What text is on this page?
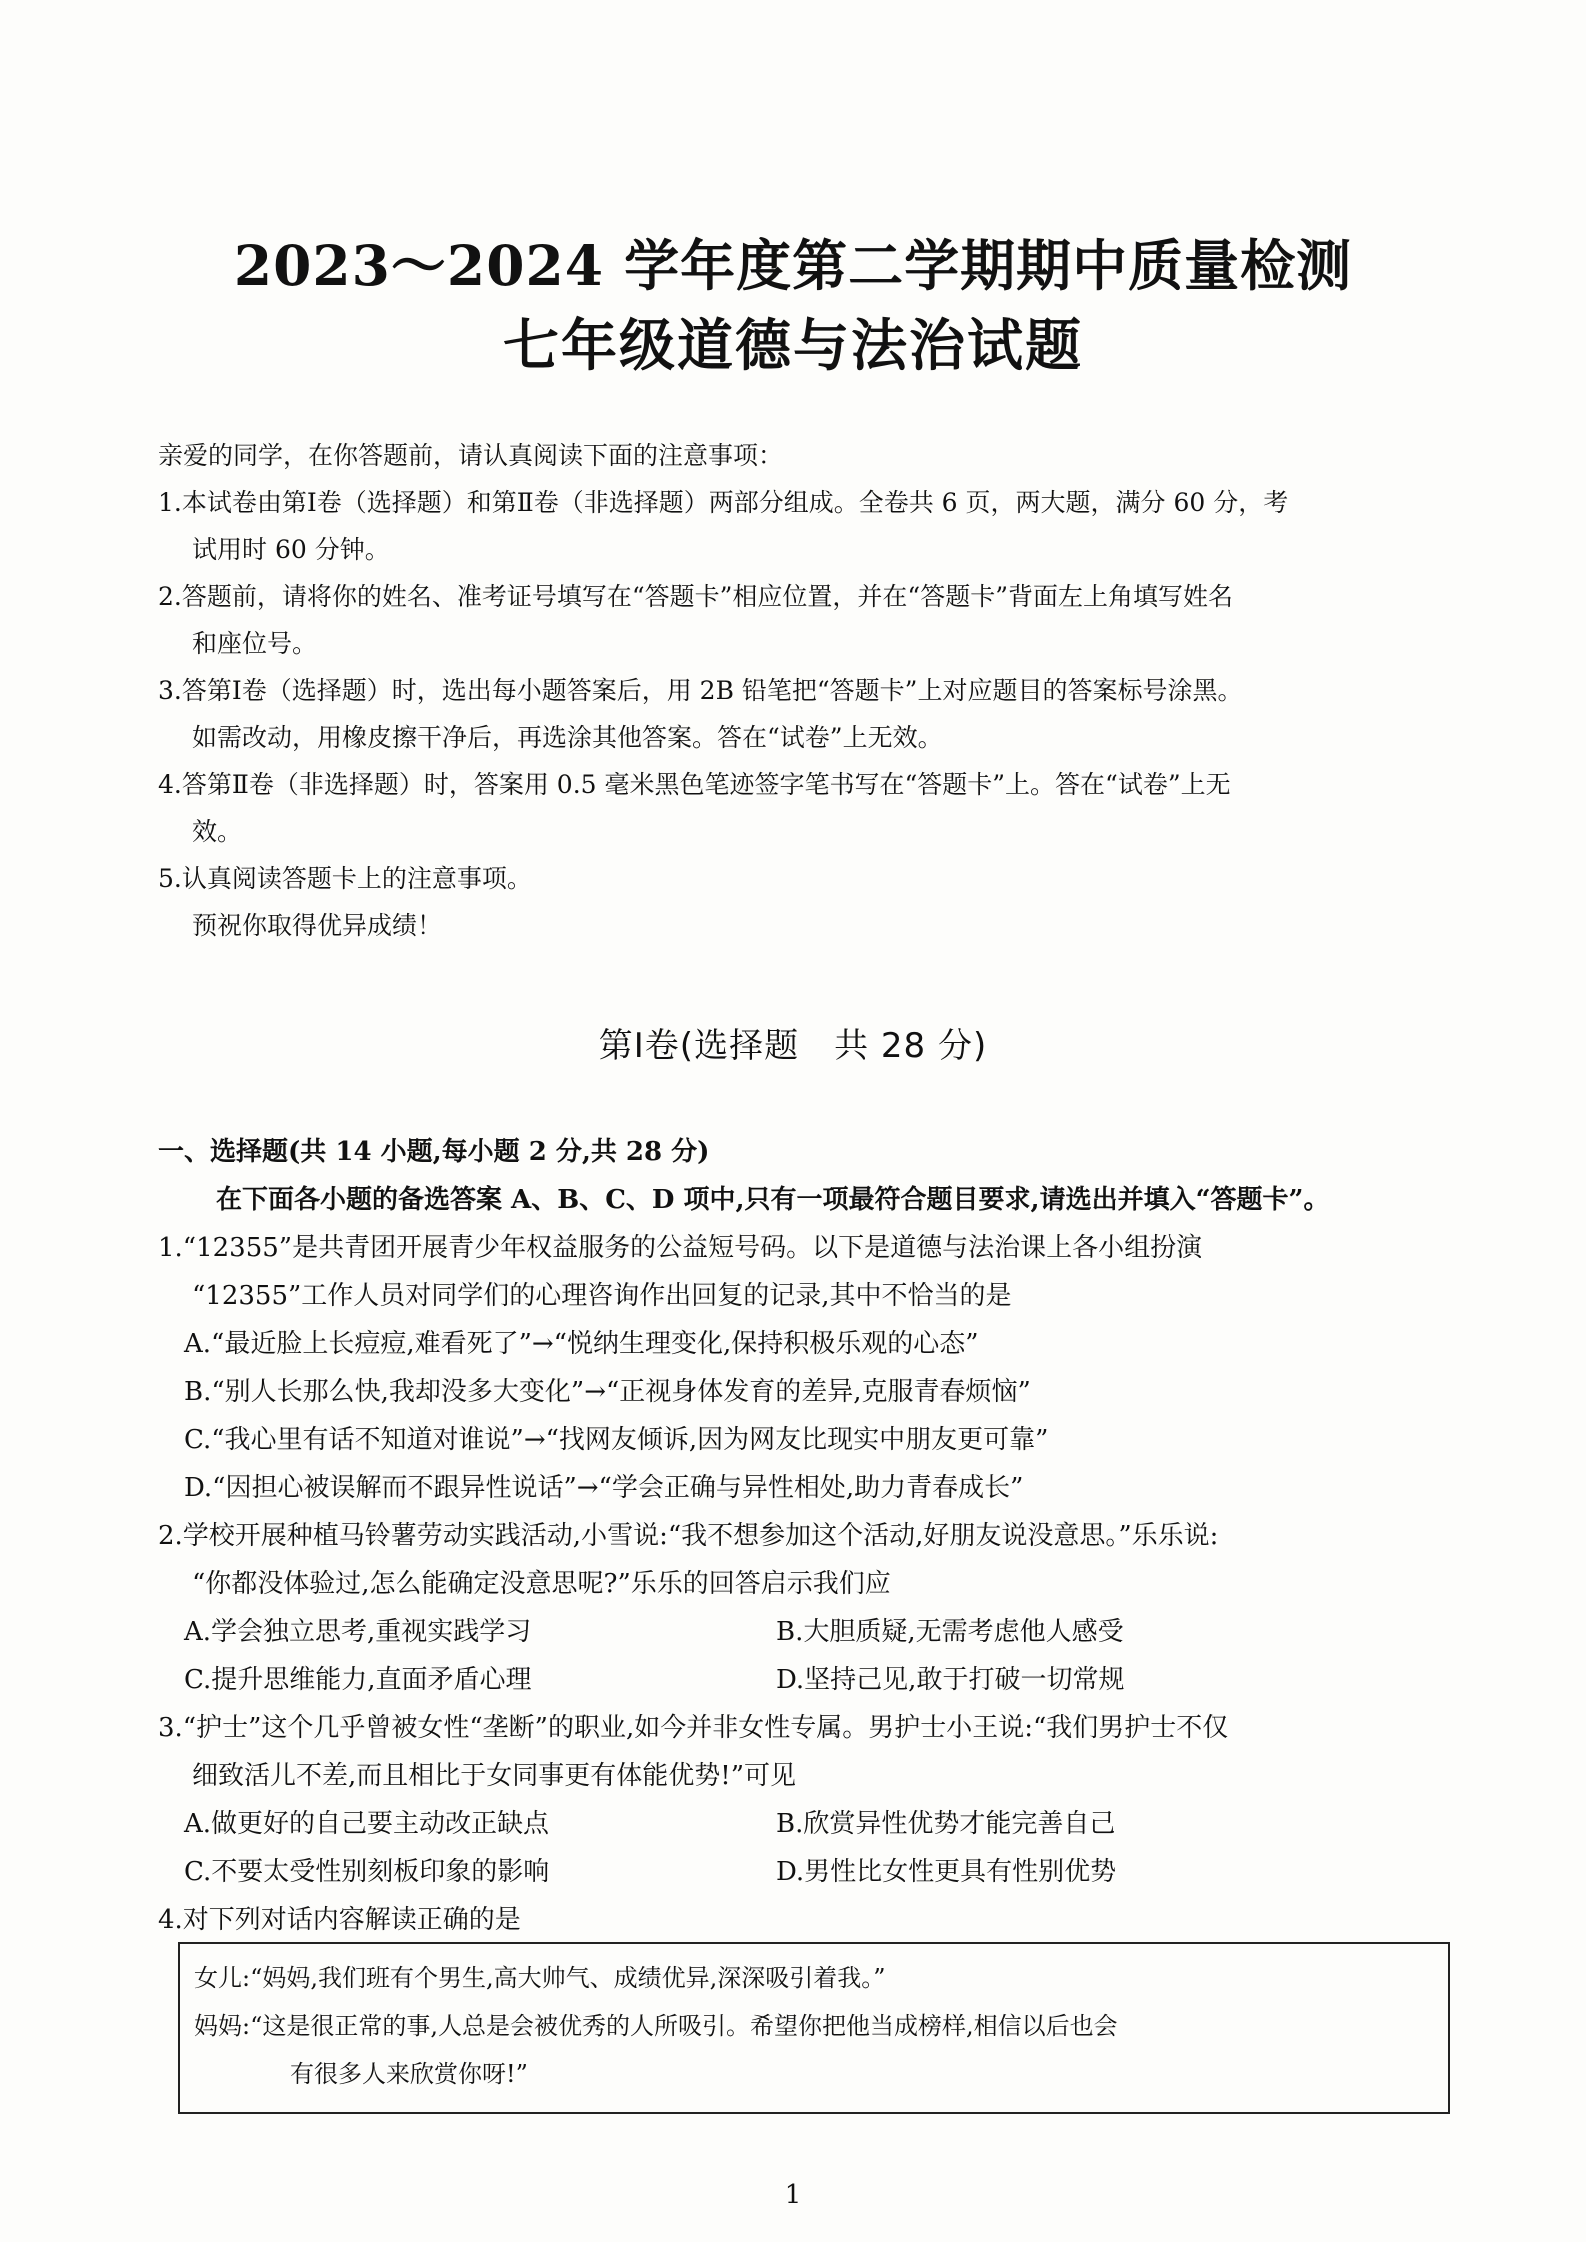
2023～2024 学年度第二学期期中质量检测
七年级道德与法治试题
亲爱的同学，在你答题前，请认真阅读下面的注意事项：
1.本试卷由第Ⅰ卷（选择题）和第Ⅱ卷（非选择题）两部分组成。全卷共 6 页，两大题，满分 60 分，考
试用时 60 分钟。
2.答题前，请将你的姓名、准考证号填写在“答题卡”相应位置，并在“答题卡”背面左上角填写姓名
和座位号。
3.答第Ⅰ卷（选择题）时，选出每小题答案后，用 2B 铅笔把“答题卡”上对应题目的答案标号涂黑。
如需改动，用橡皮擦干净后，再选涂其他答案。答在“试卷”上无效。
4.答第Ⅱ卷（非选择题）时，答案用 0.5 毫米黑色笔迹签字笔书写在“答题卡”上。答在“试卷”上无
效。
5.认真阅读答题卡上的注意事项。
预祝你取得优异成绩！
第Ⅰ卷(选择题　共 28 分)
一、选择题(共 14 小题,每小题 2 分,共 28 分)
在下面各小题的备选答案 A、B、C、D 项中,只有一项最符合题目要求,请选出并填入“答题卡”。
1.“12355”是共青团开展青少年权益服务的公益短号码。以下是道德与法治课上各小组扮演
“12355”工作人员对同学们的心理咨询作出回复的记录,其中不恰当的是
A.“最近脸上长痘痘,难看死了”→“悦纳生理变化,保持积极乐观的心态”
B.“别人长那么快,我却没多大变化”→“正视身体发育的差异,克服青春烦恼”
C.“我心里有话不知道对谁说”→“找网友倾诉,因为网友比现实中朋友更可靠”
D.“因担心被误解而不跟异性说话”→“学会正确与异性相处,助力青春成长”
2.学校开展种植马铃薯劳动实践活动,小雪说:“我不想参加这个活动,好朋友说没意思。”乐乐说:
“你都没体验过,怎么能确定没意思呢?”乐乐的回答启示我们应
A.学会独立思考,重视实践学习	B.大胆质疑,无需考虑他人感受
C.提升思维能力,直面矛盾心理	D.坚持己见,敢于打破一切常规
3.“护士”这个几乎曾被女性“垄断”的职业,如今并非女性专属。男护士小王说:“我们男护士不仅
细致活儿不差,而且相比于女同事更有体能优势!”可见
A.做更好的自己要主动改正缺点	B.欣赏异性优势才能完善自己
C.不要太受性别刻板印象的影响	D.男性比女性更具有性别优势
4.对下列对话内容解读正确的是
女儿:“妈妈,我们班有个男生,高大帅气、成绩优异,深深吸引着我。”
妈妈:“这是很正常的事,人总是会被优秀的人所吸引。希望你把他当成榜样,相信以后也会
有很多人来欣赏你呀!”
1
